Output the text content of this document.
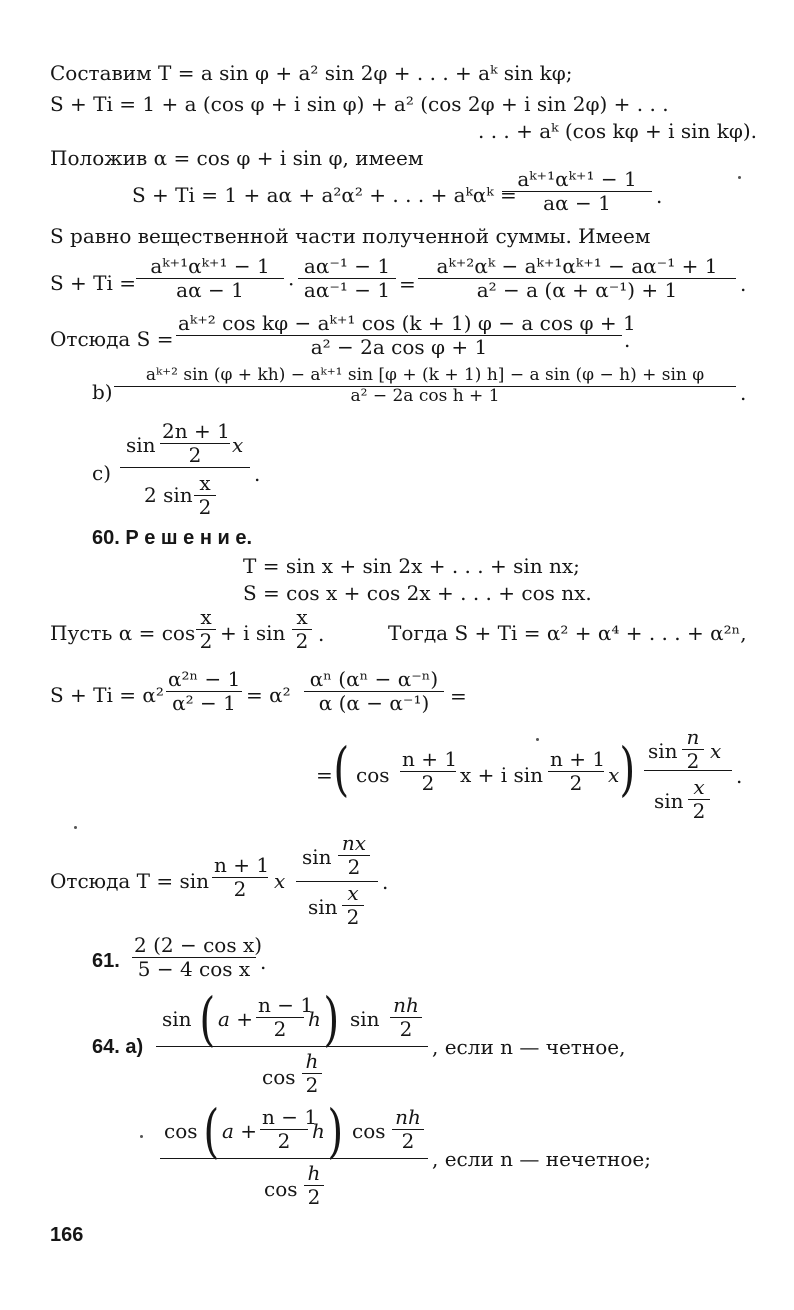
Составим T = a sin φ + a² sin 2φ + . . . + aᵏ sin kφ;
S + Ti = 1 + a (cos φ + i sin φ) + a² (cos 2φ + i sin 2φ) + . . .
. . . + aᵏ (cos kφ + i sin kφ).
Положив α = cos φ + i sin φ, имеем
S + Ti = 1 + aα + a²α² + . . . + aᵏαᵏ =
aᵏ⁺¹αᵏ⁺¹ − 1
aα − 1	.
S равно вещественной части полученной суммы. Имеем
S + Ti =
aᵏ⁺¹αᵏ⁺¹ − 1
aα − 1	·
aα⁻¹ − 1
aα⁻¹ − 1 =
aᵏ⁺²αᵏ − aᵏ⁺¹αᵏ⁺¹ − aα⁻¹ + 1
a² − a (α + α⁻¹) + 1	.
Отсюда S =
aᵏ⁺² cos kφ − aᵏ⁺¹ cos (k + 1) φ − a cos φ + 1
a² − 2a cos φ + 1	.
b)
aᵏ⁺² sin (φ + kh) − aᵏ⁺¹ sin [φ + (k + 1) h] − a sin (φ − h) + sin φ
a² − 2a cos h + 1	.
c)
sin
2n + 1
2	x
2 sin x
2
.
60. Р е ш е н и е.
T = sin x + sin 2x + . . . + sin nx;
S = cos x + cos 2x + . . . + cos nx.
Пусть α = cos
x
2 + i sin
x
2 .	Тогда S + Ti = α² + α⁴ + . . . + α²ⁿ,
S + Ti = α²
α²ⁿ − 1
α² − 1 = α²
αⁿ (αⁿ − α⁻ⁿ)
α (α − α⁻¹)	=
= ( cos
n + 1
2	x + i sin
n + 1
2	x ) sin
n
2 x
sin
x
2
.
Отсюда T = sin
n + 1
2	x
sin
nx
2
sin
x
2
.
61.
2 (2 − cos x)
5 − 4 cos x .
64. a)
sin ( a +
n − 1
2	h ) sin
nh
2
cos
h
2
, если n — четное,
cos ( a +
n − 1
2	h ) cos
nh
2
cos
h
2
, если n — нечетное;
166
